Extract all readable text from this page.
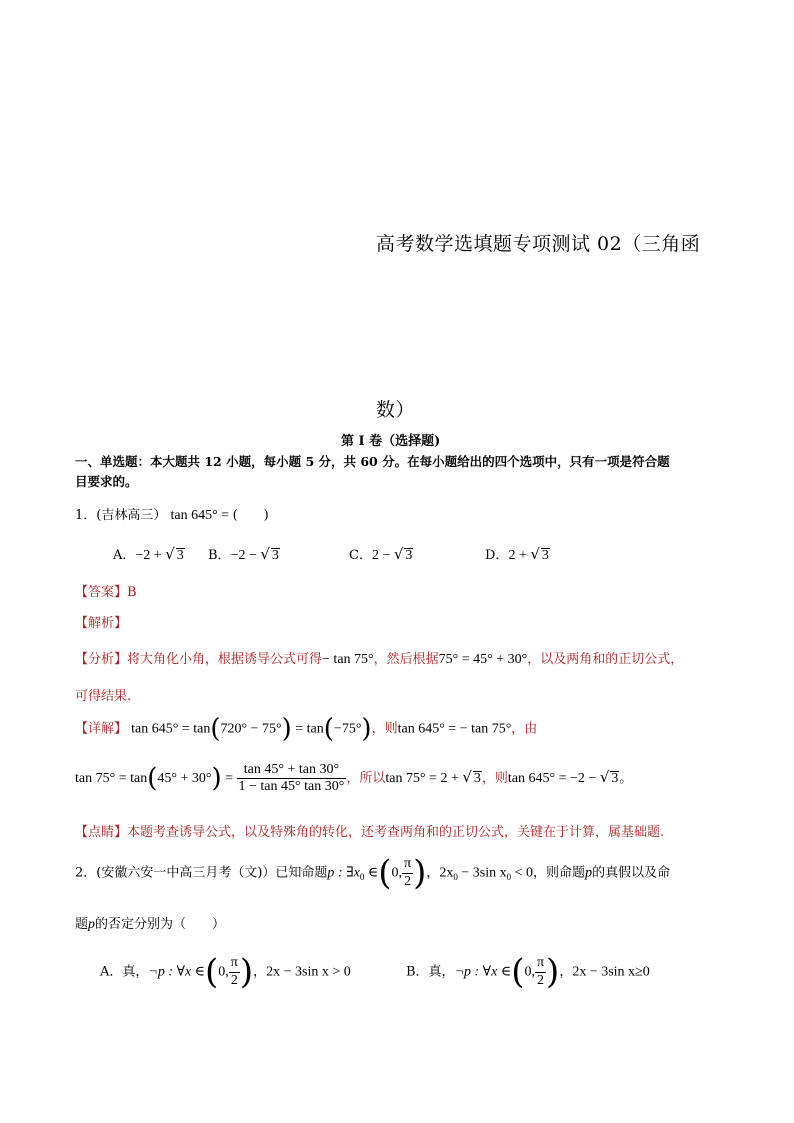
高考数学选填题专项测试 02（三角函
数）
第 I 卷（选择题)
一、单选题：本大题共 12 小题，每小题 5 分，共 60 分。在每小题给出的四个选项中，只有一项是符合题
目要求的。
1．(吉林高三） tan 645° = (　　)
A．−2 + √ 3 B．−2 − √ 3	C．2 − √ 3	D．2 + √ 3
【答案】B
【解析】
【分析】将大角化小角，根据诱导公式可得− tan 75°，然后根据75° = 45° + 30°，以及两角和的正切公式，
可得结果.
【详解】 tan 645° = tan(720° − 75°) = tan(−75°)，则tan 645° = − tan 75°，由
$\tan 75^\circ = \tan(45^\circ + 30^\circ) = \frac{\tan 45^\circ + \tan 30^\circ}{1 - \tan 45^\circ \tan 30^\circ}$ ，所以tan 75° = 2 + √ 3，则tan 645° = −2 − √ 3。
【点睛】本题考查诱导公式，以及特殊角的转化，还考查两角和的正切公式，关键在于计算，属基础题.
2．(安徽六安一中高三月考（文)）已知命题p : $\exists x_0$ ∈(0, $\frac{\pi}{2}$ )，$2x_0 - 3\sin$ $x_0 < 0$，则命题p的真假以及命
题p的否定分别为（　　）
A．真，¬p : ∀x ∈(0, $\frac{\pi}{2}$ )，2x − 3sin x > 0	B．真，¬p : ∀x ∈(0, $\frac{\pi}{2}$ )，2x − 3sin x≥0
